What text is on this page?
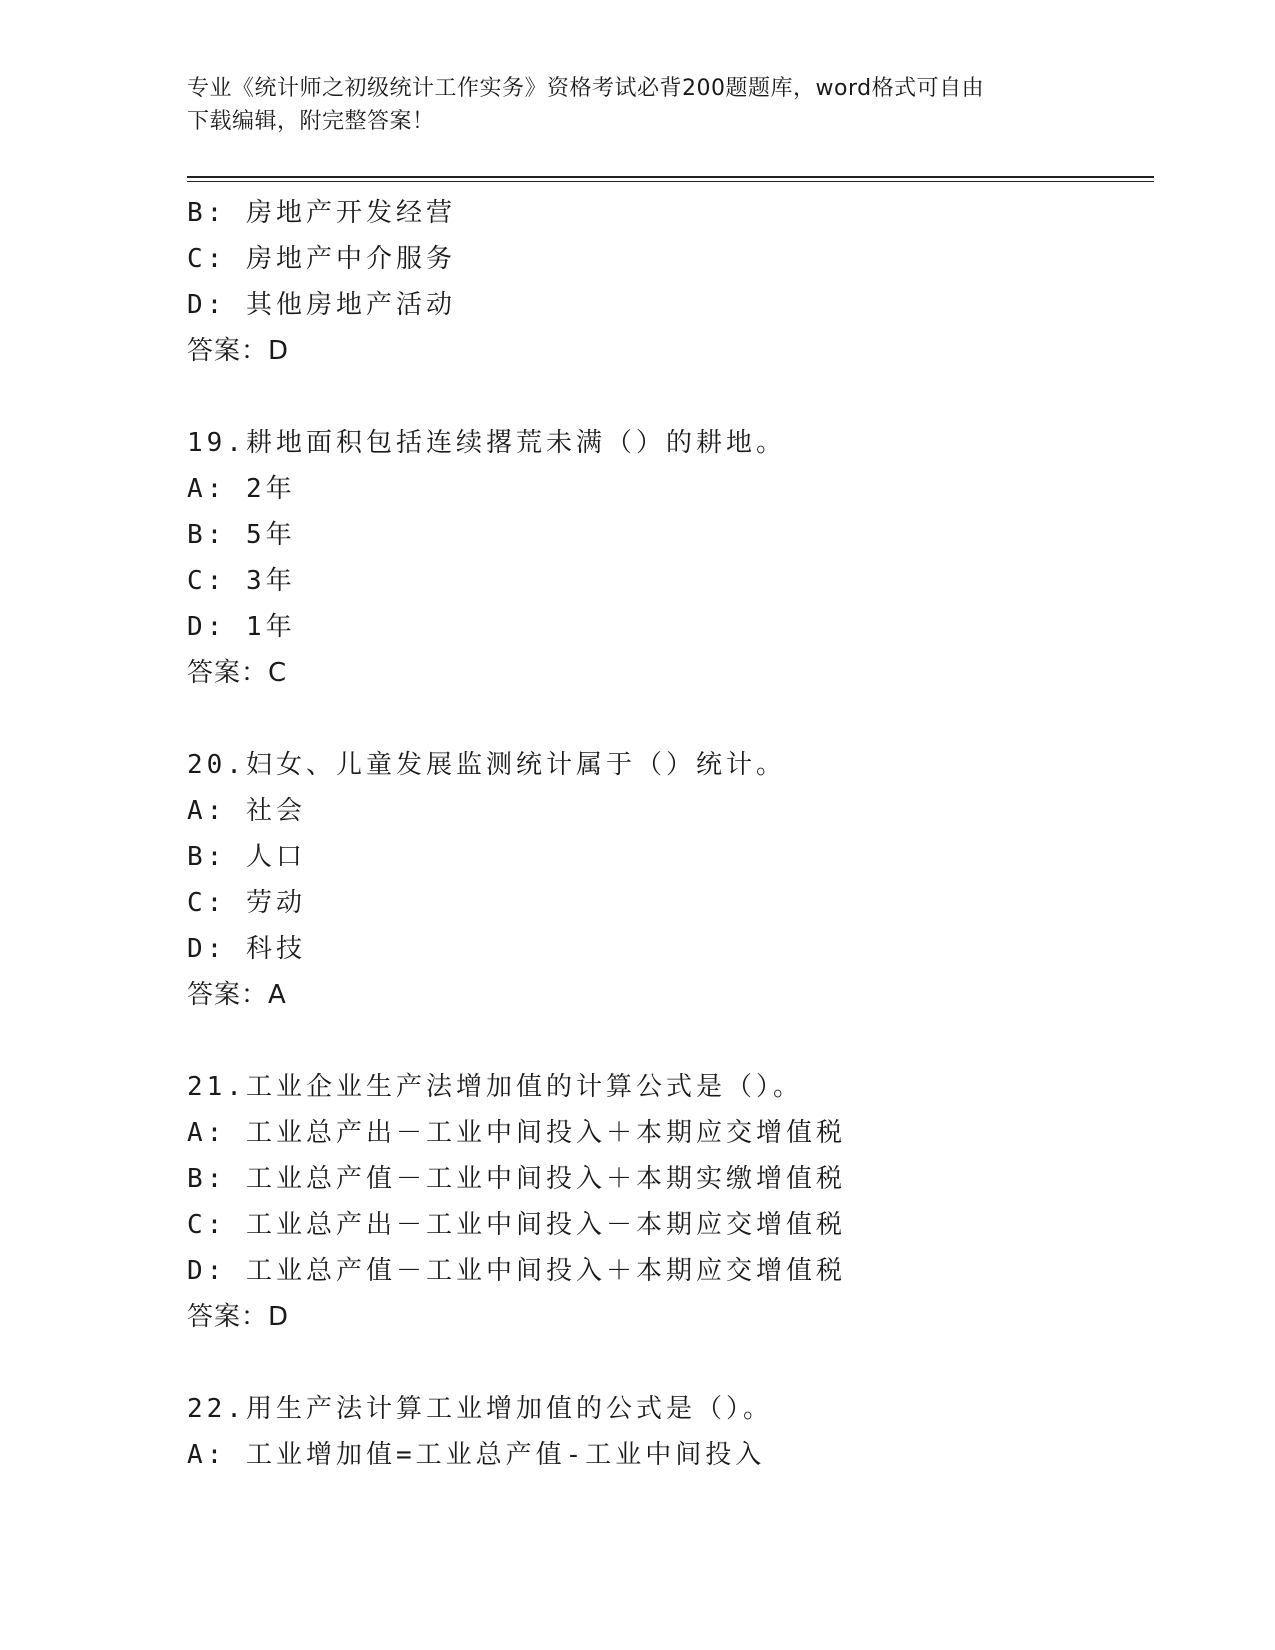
专业《统计师之初级统计工作实务》资格考试必背200题题库，word格式可自由
下载编辑，附完整答案！
B: 房地产开发经营
C: 房地产中介服务
D: 其他房地产活动
答案：D
19.耕地面积包括连续撂荒未满（）的耕地。
A: 2年
B: 5年
C: 3年
D: 1年
答案：C
20.妇女、儿童发展监测统计属于（）统计。
A: 社会
B: 人口
C: 劳动
D: 科技
答案：A
21.工业企业生产法增加值的计算公式是（）。
A: 工业总产出－工业中间投入＋本期应交增值税
B: 工业总产值－工业中间投入＋本期实缴增值税
C: 工业总产出－工业中间投入－本期应交增值税
D: 工业总产值－工业中间投入＋本期应交增值税
答案：D
22.用生产法计算工业增加值的公式是（）。
A: 工业增加值=工业总产值-工业中间投入
